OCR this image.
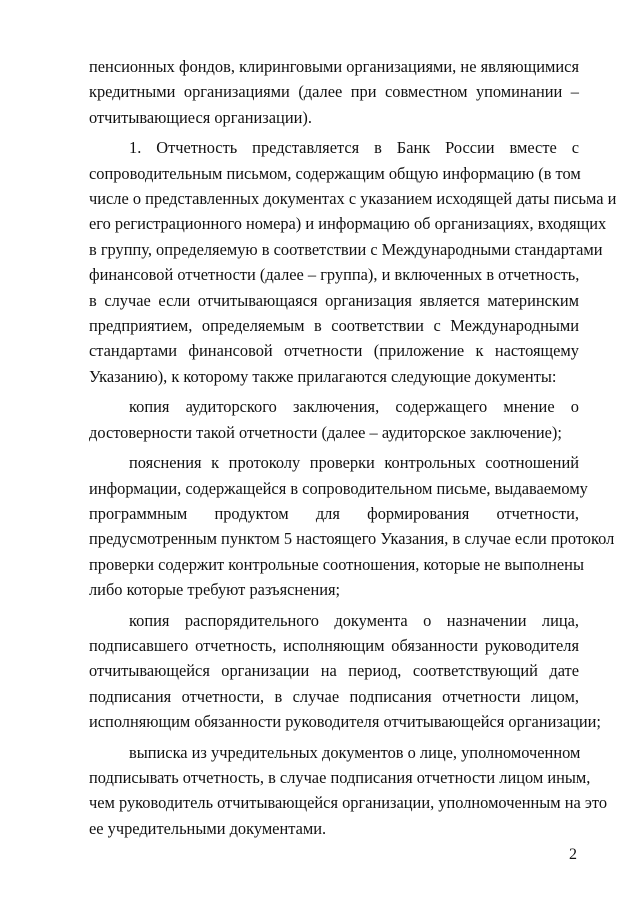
пенсионных фондов, клиринговыми организациями, не являющимися
кредитными организациями (далее при совместном упоминании –
отчитывающиеся организации).
1. Отчетность представляется в Банк России вместе с
сопроводительным письмом, содержащим общую информацию (в том
числе о представленных документах с указанием исходящей даты письма и
его регистрационного номера) и информацию об организациях, входящих
в группу, определяемую в соответствии с Международными стандартами
финансовой отчетности (далее – группа), и включенных в отчетность,
в случае если отчитывающаяся организация является материнским
предприятием, определяемым в соответствии с Международными
стандартами финансовой отчетности (приложение к настоящему
Указанию), к которому также прилагаются следующие документы:
копия аудиторского заключения, содержащего мнение о
достоверности такой отчетности (далее – аудиторское заключение);
пояснения к протоколу проверки контрольных соотношений
информации, содержащейся в сопроводительном письме, выдаваемому
программным продуктом для формирования отчетности,
предусмотренным пунктом 5 настоящего Указания, в случае если протокол
проверки содержит контрольные соотношения, которые не выполнены
либо которые требуют разъяснения;
копия распорядительного документа о назначении лица,
подписавшего отчетность, исполняющим обязанности руководителя
отчитывающейся организации на период, соответствующий дате
подписания отчетности, в случае подписания отчетности лицом,
исполняющим обязанности руководителя отчитывающейся организации;
выписка из учредительных документов о лице, уполномоченном
подписывать отчетность, в случае подписания отчетности лицом иным,
чем руководитель отчитывающейся организации, уполномоченным на это
ее учредительными документами.
2
